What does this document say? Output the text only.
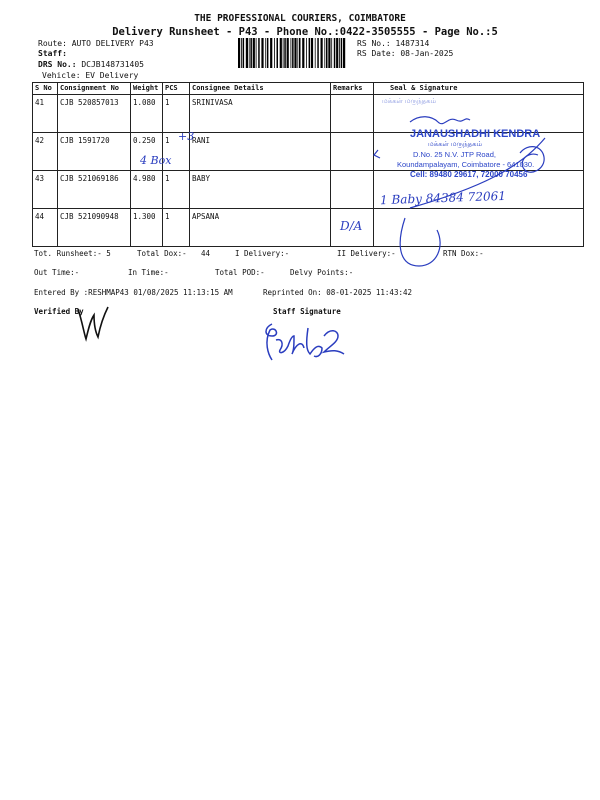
THE PROFESSIONAL COURIERS, COIMBATORE
Delivery Runsheet - P43 - Phone No.:0422-3505555 - Page No.:5
Route: AUTO DELIVERY P43
Staff:
DRS No.: DCJB148731405
Vehicle: EV Delivery
RS No.: 1487314
RS Date: 08-Jan-2025
S No	Consignment No	Weight	PCS	Consignee Details	Remarks	Seal & Signature
41	CJB 520857013	1.080	1	SRINIVASA		
42	CJB 1591720	0.250	1	RANI		
43	CJB 521069186	4.980	1	BABY		
44	CJB 521090948	1.300	1	APSANA		
+3
4 Box
D/A
மக்கள் மருந்தகம்
JANAUSHADHI KENDRA
மக்கள் மருந்தகம்
D.No. 25 N.V. JTP Road,
Koundampalayam, Coimbatore - 641030.
Cell: 89480 29617, 72000 70456
1 Baby 84384 72061
Tot. Runsheet:- 5	Total Dox:- 44	I Delivery:-	II Delivery:-	RTN Dox:-
Out Time:-	In Time:-	Total POD:-	Delvy Points:-
Entered By :RESHMAP43 01/08/2025 11:13:15 AM	Reprinted On: 08-01-2025 11:43:42
Verified By	Staff Signature
